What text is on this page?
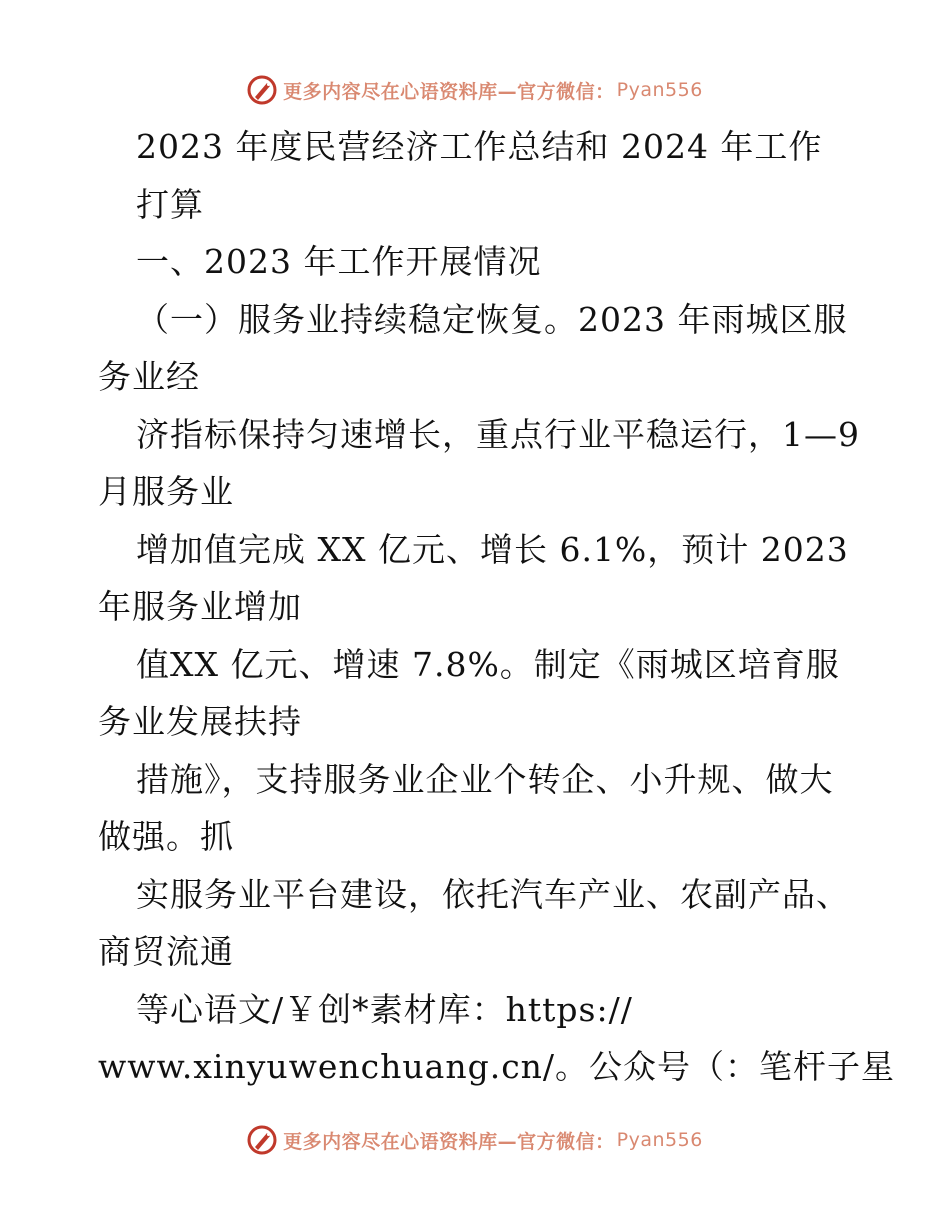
更多内容尽在心语资料库—官方微信： Pyan556
2023 年度民营经济工作总结和 2024 年工作
打算
一、2023 年工作开展情况
（一）服务业持续稳定恢复。2023 年雨城区服
务业经
济指标保持匀速增长，重点行业平稳运行，1—9
月服务业
增加值完成 XX 亿元、增长 6.1%，预计 2023
年服务业增加
值XX 亿元、增速 7.8%。制定《雨城区培育服
务业发展扶持
措施》，支持服务业企业个转企、小升规、做大
做强。抓
实服务业平台建设，依托汽车产业、农副产品、
商贸流通
等心语文/￥创*素材库：https://
www.xinyuwenchuang.cn/。公众号（：笔杆子星
更多内容尽在心语资料库—官方微信： Pyan556
